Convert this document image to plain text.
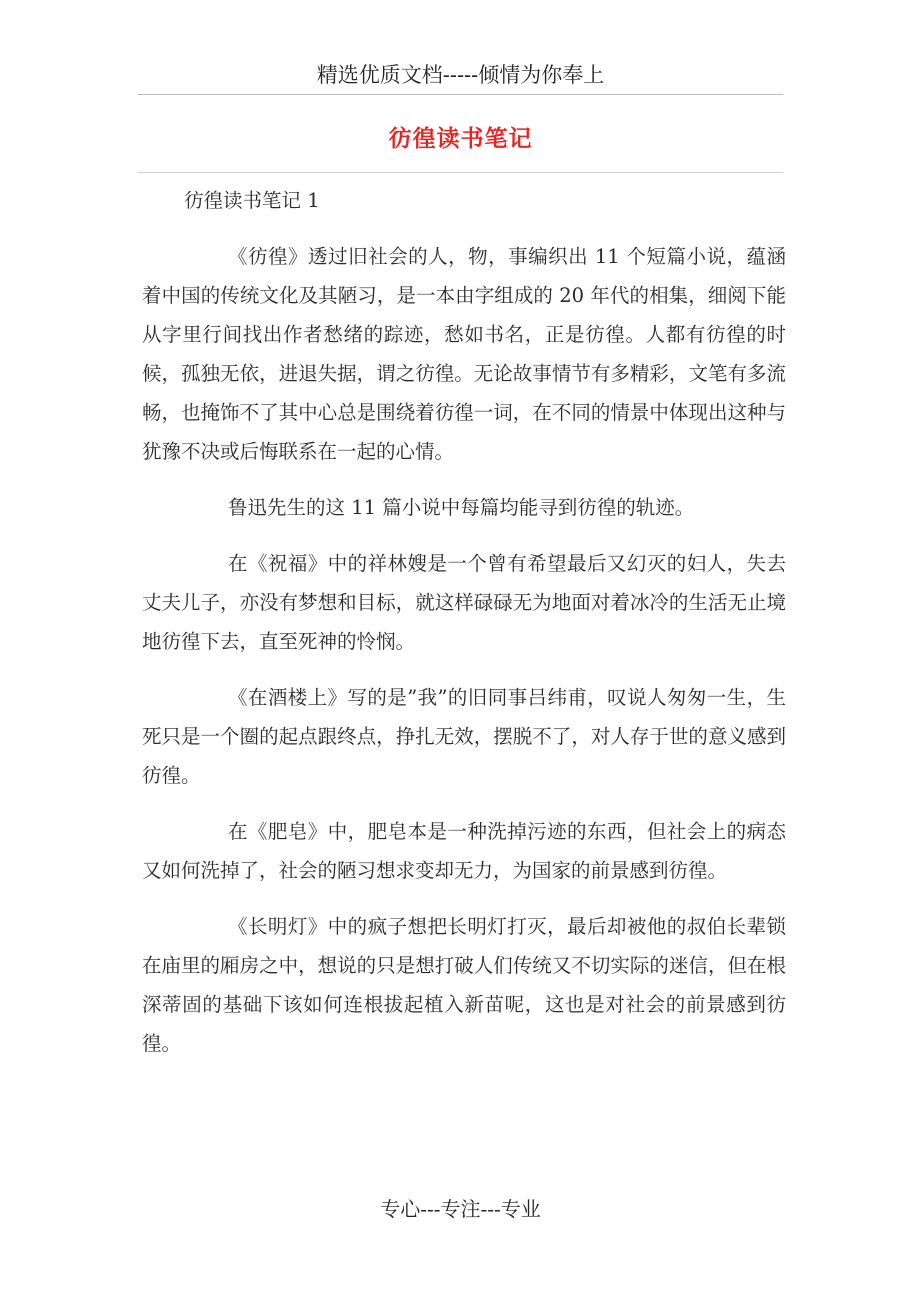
精选优质文档-----倾情为你奉上
彷徨读书笔记

彷徨读书笔记 1

《彷徨》透过旧社会的人，物，事编织出 11 个短篇小说，蕴涵着中国的传统文化及其陋习，是一本由字组成的 20 年代的相集，细阅下能从字里行间找出作者愁绪的踪迹，愁如书名，正是彷徨。人都有彷徨的时候，孤独无依，进退失据，谓之彷徨。无论故事情节有多精彩，文笔有多流畅，也掩饰不了其中心总是围绕着彷徨一词，在不同的情景中体现出这种与犹豫不决或后悔联系在一起的心情。

鲁迅先生的这 11 篇小说中每篇均能寻到彷徨的轨迹。

在《祝福》中的祥林嫂是一个曾有希望最后又幻灭的妇人，失去丈夫儿子，亦没有梦想和目标，就这样碌碌无为地面对着冰冷的生活无止境地彷徨下去，直至死神的怜悯。

《在酒楼上》写的是”我”的旧同事吕纬甫，叹说人匆匆一生，生死只是一个圈的起点跟终点，挣扎无效，摆脱不了，对人存于世的意义感到彷徨。

在《肥皂》中，肥皂本是一种洗掉污迹的东西，但社会上的病态又如何洗掉了，社会的陋习想求变却无力，为国家的前景感到彷徨。

《长明灯》中的疯子想把长明灯打灭，最后却被他的叔伯长辈锁在庙里的厢房之中，想说的只是想打破人们传统又不切实际的迷信，但在根深蒂固的基础下该如何连根拔起植入新苗呢，这也是对社会的前景感到彷徨。

专心---专注---专业
